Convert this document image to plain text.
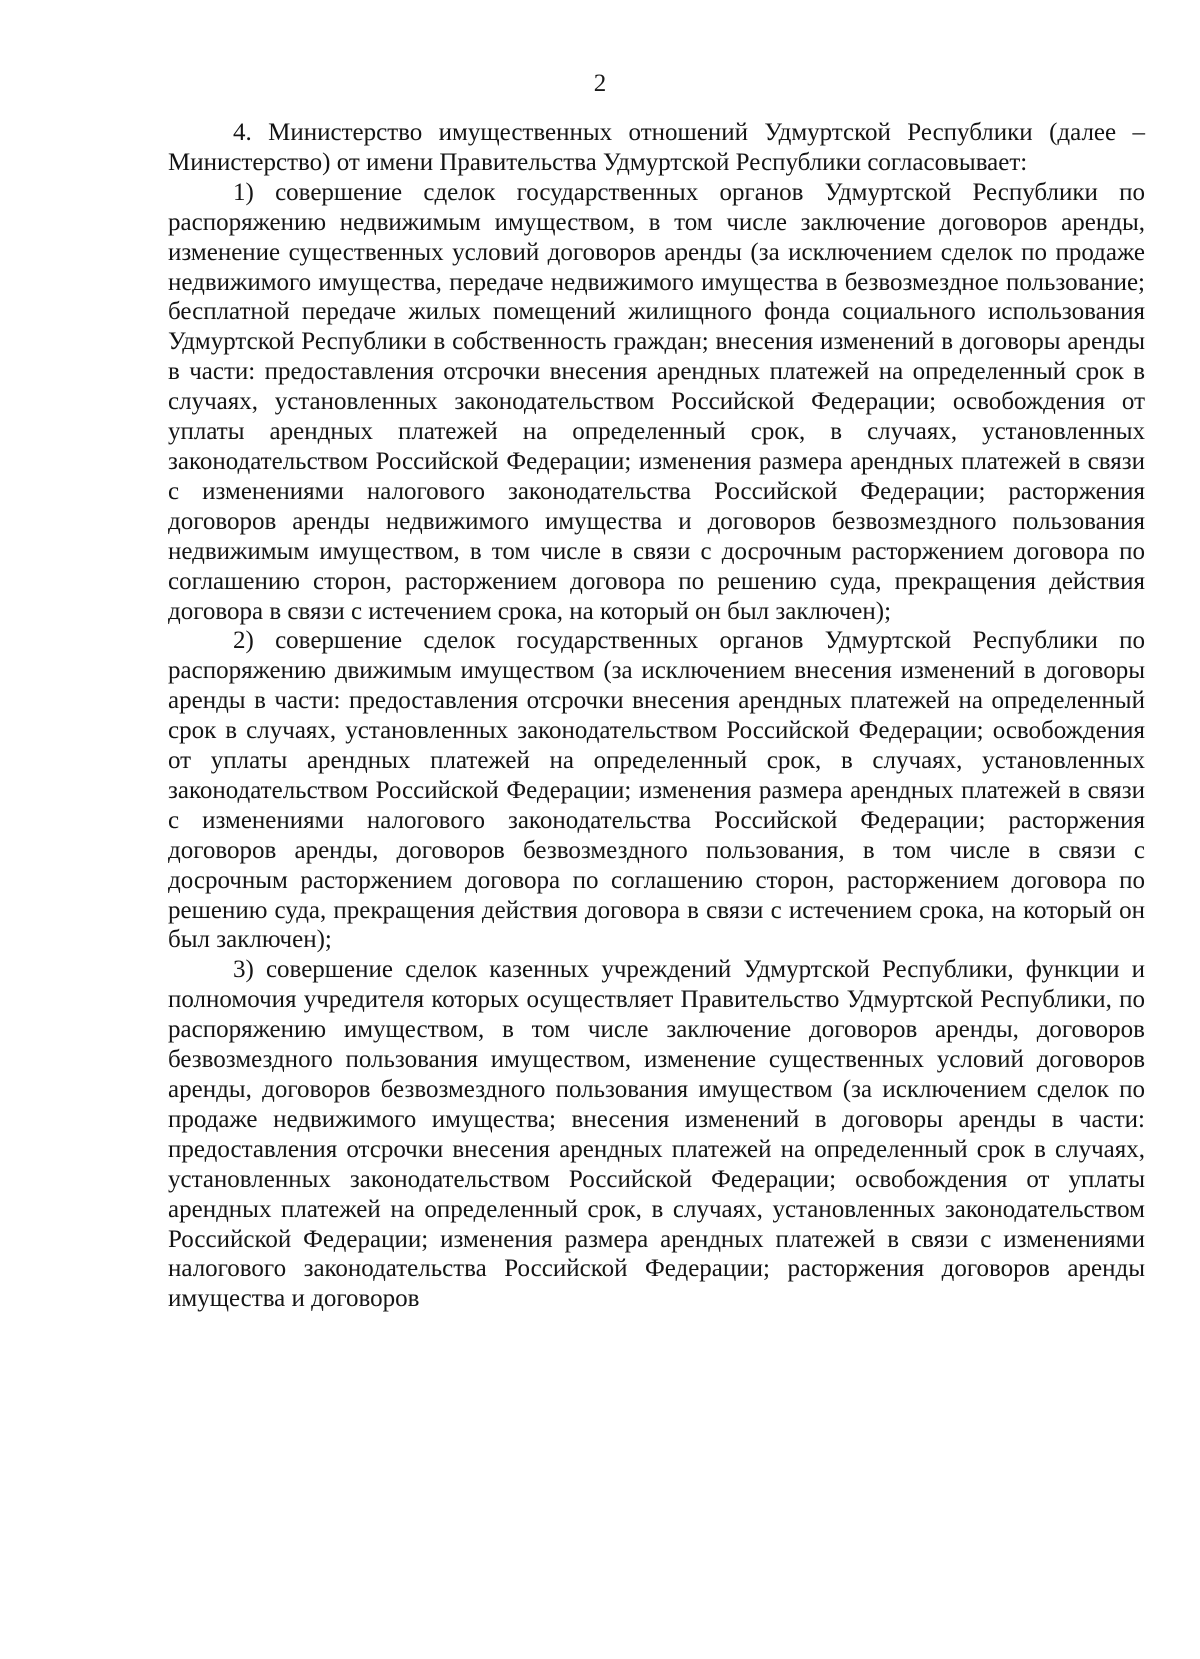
2

4. Министерство имущественных отношений Удмуртской Республики (далее – Министерство) от имени Правительства Удмуртской Республики согласовывает:

1) совершение сделок государственных органов Удмуртской Республики по распоряжению недвижимым имуществом, в том числе заключение договоров аренды, изменение существенных условий договоров аренды (за исключением сделок по продаже недвижимого имущества, передаче недвижимого имущества в безвозмездное пользование; бесплатной передаче жилых помещений жилищного фонда социального использования Удмуртской Республики в собственность граждан; внесения изменений в договоры аренды в части: предоставления отсрочки внесения арендных платежей на определенный срок в случаях, установленных законодательством Российской Федерации; освобождения от уплаты арендных платежей на определенный срок, в случаях, установленных законодательством Российской Федерации; изменения размера арендных платежей в связи с изменениями налогового законодательства Российской Федерации; расторжения договоров аренды недвижимого имущества и договоров безвозмездного пользования недвижимым имуществом, в том числе в связи с досрочным расторжением договора по соглашению сторон, расторжением договора по решению суда, прекращения действия договора в связи с истечением срока, на который он был заключен);

2) совершение сделок государственных органов Удмуртской Республики по распоряжению движимым имуществом (за исключением внесения изменений в договоры аренды в части: предоставления отсрочки внесения арендных платежей на определенный срок в случаях, установленных законодательством Российской Федерации; освобождения от уплаты арендных платежей на определенный срок, в случаях, установленных законодательством Российской Федерации; изменения размера арендных платежей в связи с изменениями налогового законодательства Российской Федерации; расторжения договоров аренды, договоров безвозмездного пользования, в том числе в связи с досрочным расторжением договора по соглашению сторон, расторжением договора по решению суда, прекращения действия договора в связи с истечением срока, на который он был заключен);

3) совершение сделок казенных учреждений Удмуртской Республики, функции и полномочия учредителя которых осуществляет Правительство Удмуртской Республики, по распоряжению имуществом, в том числе заключение договоров аренды, договоров безвозмездного пользования имуществом, изменение существенных условий договоров аренды, договоров безвозмездного пользования имуществом (за исключением сделок по продаже недвижимого имущества; внесения изменений в договоры аренды в части: предоставления отсрочки внесения арендных платежей на определенный срок в случаях, установленных законодательством Российской Федерации; освобождения от уплаты арендных платежей на определенный срок, в случаях, установленных законодательством Российской Федерации; изменения размера арендных платежей в связи с изменениями налогового законодательства Российской Федерации; расторжения договоров аренды имущества и договоров
